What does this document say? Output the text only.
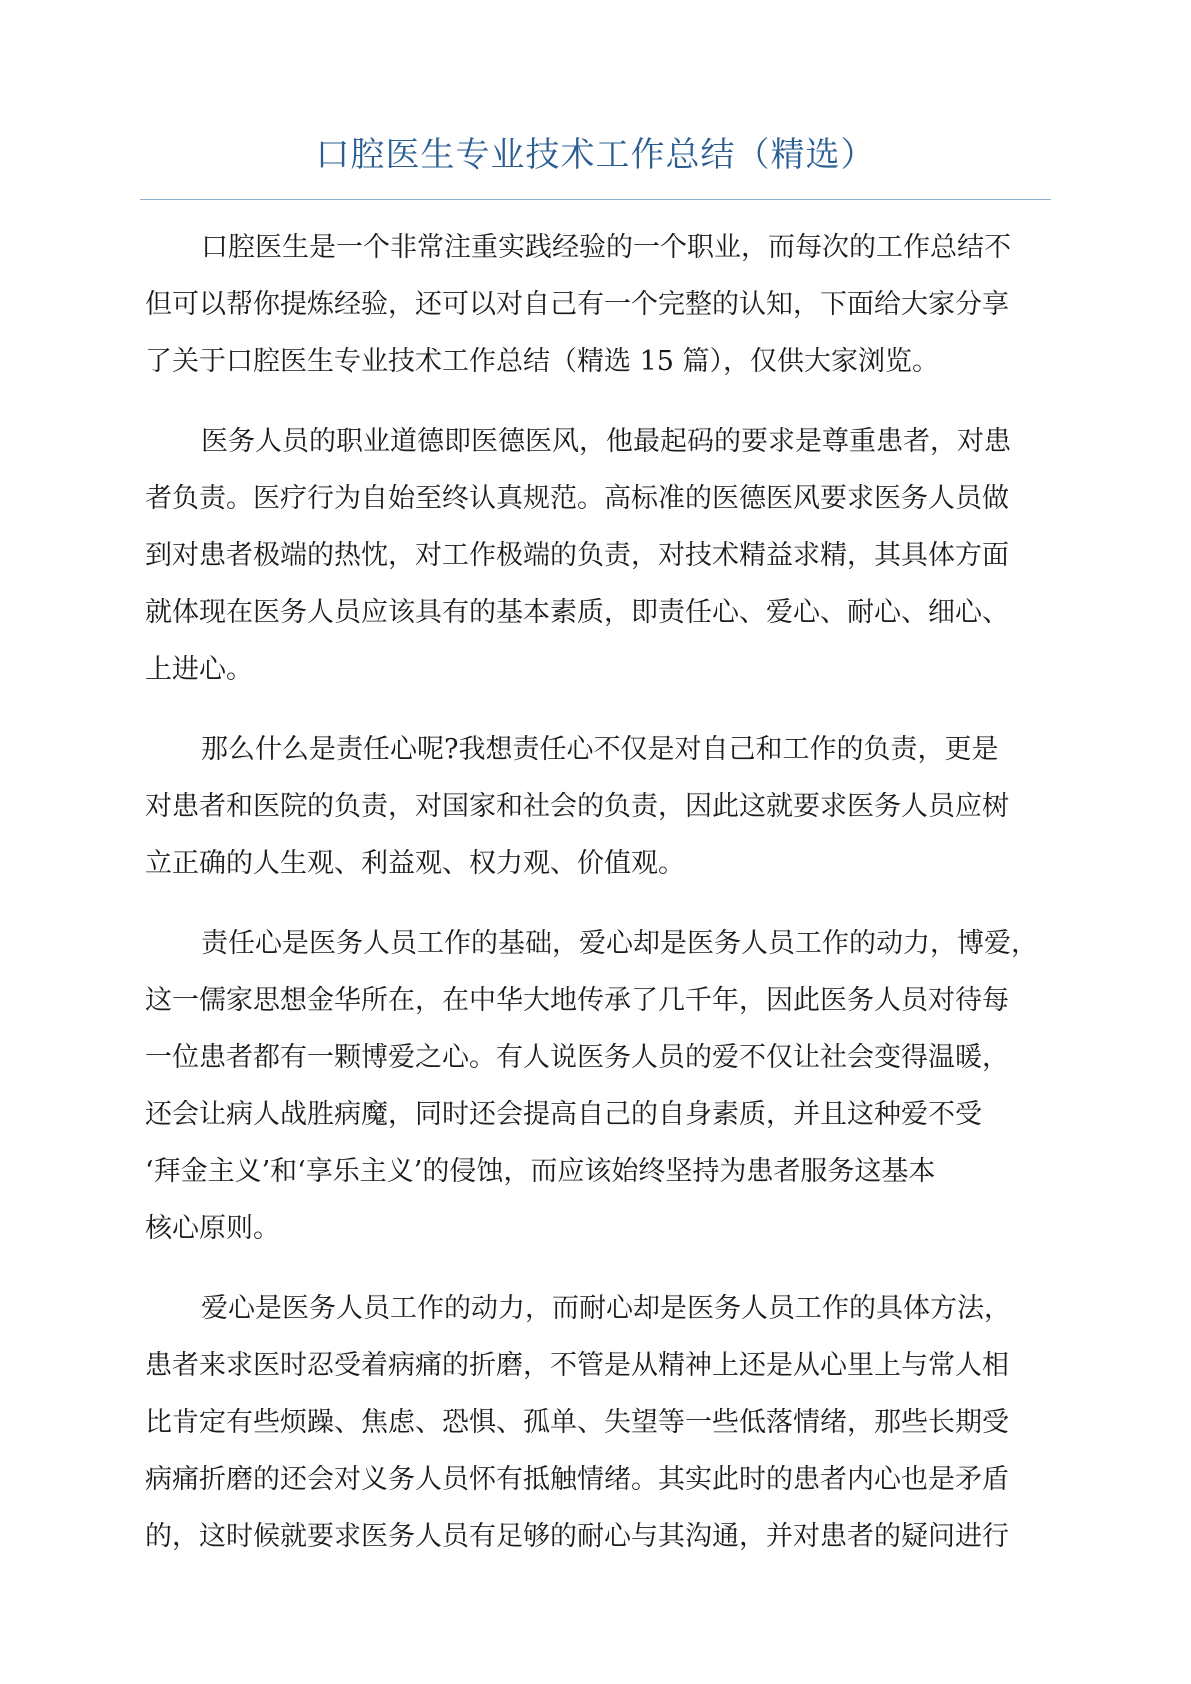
口腔医生专业技术工作总结（精选）

口腔医生是一个非常注重实践经验的一个职业，而每次的工作总结不
但可以帮你提炼经验，还可以对自己有一个完整的认知，下面给大家分享
了关于口腔医生专业技术工作总结（精选 15 篇），仅供大家浏览。

医务人员的职业道德即医德医风，他最起码的要求是尊重患者，对患
者负责。医疗行为自始至终认真规范。高标准的医德医风要求医务人员做
到对患者极端的热忱，对工作极端的负责，对技术精益求精，其具体方面
就体现在医务人员应该具有的基本素质，即责任心、爱心、耐心、细心、
上进心。

那么什么是责任心呢?我想责任心不仅是对自己和工作的负责，更是
对患者和医院的负责，对国家和社会的负责，因此这就要求医务人员应树
立正确的人生观、利益观、权力观、价值观。

责任心是医务人员工作的基础，爱心却是医务人员工作的动力，博爱，
这一儒家思想金华所在，在中华大地传承了几千年，因此医务人员对待每
一位患者都有一颗博爱之心。有人说医务人员的爱不仅让社会变得温暖，
还会让病人战胜病魔，同时还会提高自己的自身素质，并且这种爱不受
‘拜金主义’和‘享乐主义’的侵蚀，而应该始终坚持为患者服务这基本
核心原则。

爱心是医务人员工作的动力，而耐心却是医务人员工作的具体方法，
患者来求医时忍受着病痛的折磨，不管是从精神上还是从心里上与常人相
比肯定有些烦躁、焦虑、恐惧、孤单、失望等一些低落情绪，那些长期受
病痛折磨的还会对义务人员怀有抵触情绪。其实此时的患者内心也是矛盾
的，这时候就要求医务人员有足够的耐心与其沟通，并对患者的疑问进行
